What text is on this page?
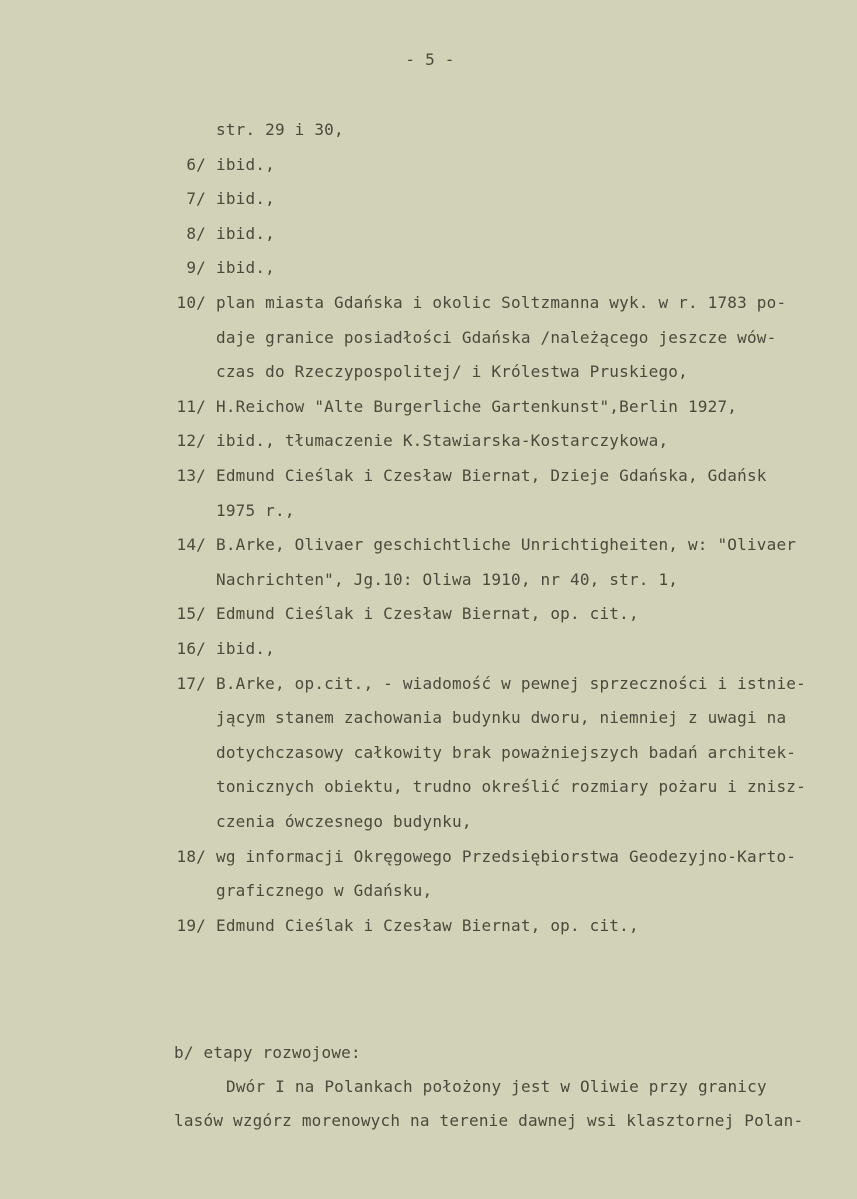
- 5 -
str. 29 i 30,
6/ ibid.,
7/ ibid.,
8/ ibid.,
9/ ibid.,
10/ plan miasta Gdańska i okolic Soltzmanna wyk. w r. 1783 po-
daje granice posiadłości Gdańska /należącego jeszcze wów-
czas do Rzeczypospolitej/ i Królestwa Pruskiego,
11/ H.Reichow "Alte Burgerliche Gartenkunst",Berlin 1927,
12/ ibid., tłumaczenie K.Stawiarska-Kostarczykowa,
13/ Edmund Cieślak i Czesław Biernat, Dzieje Gdańska, Gdańsk
1975 r.,
14/ B.Arke, Olivaer geschichtliche Unrichtigheiten, w: "Olivaer
Nachrichten", Jg.10: Oliwa 1910, nr 40, str. 1,
15/ Edmund Cieślak i Czesław Biernat, op. cit.,
16/ ibid.,
17/ B.Arke, op.cit., - wiadomość w pewnej sprzeczności i istnie-
jącym stanem zachowania budynku dworu, niemniej z uwagi na
dotychczasowy całkowity brak poważniejszych badań architek-
tonicznych obiektu, trudno określić rozmiary pożaru i znisz-
czenia ówczesnego budynku,
18/ wg informacji Okręgowego Przedsiębiorstwa Geodezyjno-Karto-
graficznego w Gdańsku,
19/ Edmund Cieślak i Czesław Biernat, op. cit.,
b/ etapy rozwojowe:
Dwór I na Polankach położony jest w Oliwie przy granicy
lasów wzgórz morenowych na terenie dawnej wsi klasztornej Polan-
